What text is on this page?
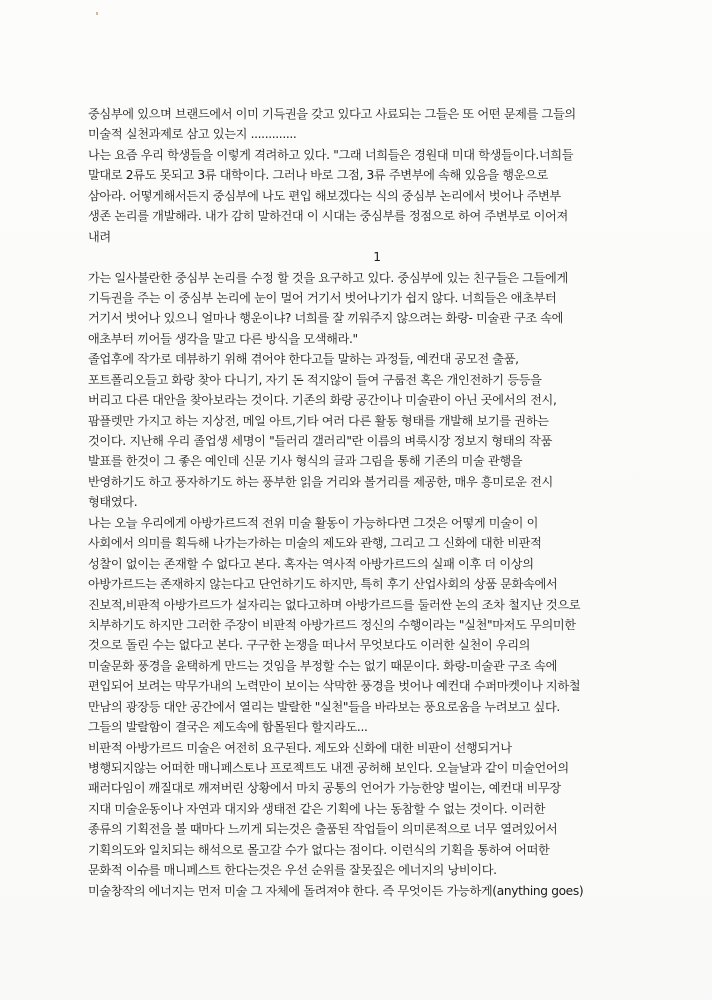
중심부에 있으며 브랜드에서 이미 기득권을 갖고 있다고 사료되는 그들은 또 어떤 문제를 그들의
미술적 실천과제로 삼고 있는지 .............
나는 요즘 우리 학생들을 이렇게 격려하고 있다. "그래 너희들은 경원대 미대 학생들이다.너희들
말대로 2류도 못되고 3류 대학이다. 그러나 바로 그점, 3류 주변부에 속해 있음을 행운으로
삼아라. 어떻게해서든지 중심부에 나도 편입 해보겠다는 식의 중심부 논리에서 벗어나 주변부
생존 논리를 개발해라. 내가 감히 말하건대 이 시대는 중심부를 정점으로 하여 주변부로 이어져
내려
1
가는 일사불란한 중심부 논리를 수정 할 것을 요구하고 있다. 중심부에 있는 친구들은 그들에게
기득권을 주는 이 중심부 논리에 눈이 멀어 거기서 벗어나기가 쉽지 않다. 너희들은 애초부터
거기서 벗어나 있으니 얼마나 행운이냐? 너희를 잘 끼워주지 않으려는 화랑- 미술관 구조 속에
애초부터 끼어들 생각을 말고 다른 방식을 모색해라."
졸업후에 작가로 데뷰하기 위해 겪어야 한다고들 말하는 과정들, 예컨대 공모전 출품,
포트폴리오들고 화랑 찾아 다니기, 자기 돈 적지않이 들여 구룹전 혹은 개인전하기 등등을
버리고 다른 대안을 찾아보라는 것이다. 기존의 화랑 공간이나 미술관이 아닌 곳에서의 전시,
팜플렛만 가지고 하는 지상전, 메일 아트,기타 여러 다른 활동 형태를 개발해 보기를 권하는
것이다. 지난해 우리 졸업생 세명이 "들러리 갤러리"란 이름의 벼룩시장 정보지 형태의 작품
발표를 한것이 그 좋은 예인데 신문 기사 형식의 글과 그림을 통해 기존의 미술 관행을
반영하기도 하고 풍자하기도 하는 풍부한 읽을 거리와 볼거리를 제공한, 매우 흥미로운 전시
형태였다.
나는 오늘 우리에게 아방가르드적 전위 미술 활동이 가능하다면 그것은 어떻게 미술이 이
사회에서 의미를 획득해 나가는가하는 미술의 제도와 관행, 그리고 그 신화에 대한 비판적
성찰이 없이는 존재할 수 없다고 본다. 혹자는 역사적 아방가르드의 실패 이후 더 이상의
아방가르드는 존재하지 않는다고 단언하기도 하지만, 특히 후기 산업사회의 상품 문화속에서
진보적,비판적 아방가르드가 설자리는 없다고하며 아방가르드를 둘러싼 논의 조차 철지난 것으로
치부하기도 하지만 그러한 주장이 비판적 아방가르드 정신의 수행이라는 "실천"마저도 무의미한
것으로 돌린 수는 없다고 본다. 구구한 논쟁을 떠나서 무엇보다도 이러한 실천이 우리의
미술문화 풍경을 윤택하게 만드는 것임을 부정할 수는 없기 때문이다. 화랑-미술관 구조 속에
편입되어 보려는 막무가내의 노력만이 보이는 삭막한 풍경을 벗어나 예컨대 수퍼마켓이나 지하철
만남의 광장등 대안 공간에서 열리는 발랄한 "실천"들을 바라보는 풍요로움을 누려보고 싶다.
그들의 발랄함이 결국은 제도속에 함몰된다 할지라도...
비판적 아방가르드 미술은 여전히 요구된다. 제도와 신화에 대한 비판이 선행되거나
병행되지않는 어떠한 매니페스토나 프로젝트도 내겐 공허해 보인다. 오늘날과 같이 미술언어의
패러다임이 깨질대로 깨져버린 상황에서 마치 공통의 언어가 가능한양 벌이는, 예컨대 비무장
지대 미술운동이나 자연과 대지와 생태전 같은 기획에 나는 동참할 수 없는 것이다. 이러한
종류의 기획전을 볼 때마다 느끼게 되는것은 출품된 작업들이 의미론적으로 너무 열려있어서
기획의도와 일치되는 해석으로 몰고갈 수가 없다는 점이다. 이런식의 기획을 통하여 어떠한
문화적 이슈를 매니페스트 한다는것은 우선 순위를 잘못짚은 에너지의 낭비이다.
미술창작의 에너지는 먼저 미술 그 자체에 돌려져야 한다. 즉 무엇이든 가능하게(anything goes)
